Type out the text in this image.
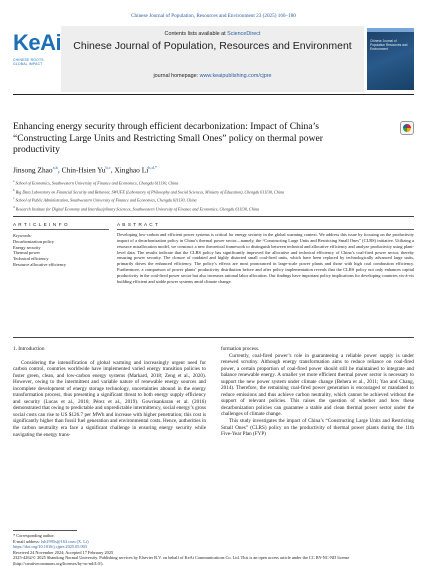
Chinese Journal of Population, Resources and Environment 23 (2025) 160–180
KeAi
CHINESE ROOTS GLOBAL IMPACT
Contents lists available at ScienceDirect
Chinese Journal of Population, Resources and Environment
journal homepage: www.keaipublishing.com/cjpre
Chinese Journal of Population Resources and Environment
Enhancing energy security through efficient decarbonization: Impact of China’s “Constructing Large Units and Restricting Small Ones” policy on thermal power productivity
Jinsong Zhao$^{a,b}$, Chin-Hsien Yu$^{b,c}$, Xinghao $Li^{b,d,*}$
$^a$ School of Economics, Southwestern University of Finance and Economics, Chengdu 611130, China
$^b$ Big Data Laboratory on Financial Security and Behavior, SWUFE (Laboratory of Philosophy and Social Sciences, Ministry of Education), Chengdu 611130, China
$^c$ School of Public Administration, Southwestern University of Finance and Economics, Chengdu 611130, China
$^d$ Research Institute for Digital Economy and Interdisciplinary Sciences, Southwestern University of Finance and Economics, Chengdu 611130, China
A R T I C L E I N F O	A B S T R A C T
Keywords:
Decarbonization policy
Energy security
Thermal power
Technical efficiency
Resource allocative efficiency
Developing low-carbon and efficient power systems is critical for energy security in the global warming context. We address this issue by focusing on the productivity impact of a decarbonization policy in China’s thermal power sector—namely, the “Constructing Large Units and Restricting Small Ones” (CLRS) initiative. Utilizing a resource misallocation model, we construct a new theoretical framework to distinguish between technical and allocative efficiency and analyze productivity using plant-level data. The results indicate that the CLRS policy has significantly improved the allocative and technical efficiency of China’s coal-fired power sector, thereby ensuring power security. The closure of outdated and highly distorted small coal-fired units, which have been replaced by technologically advanced large units, primarily drives the enhanced efficiency. The policy’s effects are most pronounced in large-scale power plants and those with high coal combustion efficiency. Furthermore, a comparison of power plants’ productivity distribution before and after policy implementation reveals that the CLRS policy not only enhances capital productivity in the coal-fired power sector but also increases rational labor allocation. Our findings have important policy implications for developing countries vis-à-vis building efficient and stable power systems amid climate change.
1. Introduction
Considering the intensification of global warming and increasingly urgent need for carbon control, countries worldwide have implemented varied energy transition policies to foster green, clean, and low-carbon energy systems (Markard, 2018; Zeng et al., 2020). However, owing to the intermittent and variable nature of renewable energy sources and incomplete development of energy storage technology, uncertainties abound in the energy transformation process, thus presenting a significant threat to both energy supply efficiency and security (Lucas et al., 2016; Pérez et al., 2019). Gowrisankaran et al. (2016) demonstrated that owing to predictable and unpredictable intermittency, social energy’s gross social costs can rise to US $126.7 per MWh and increase with higher penetration; this cost is significantly higher than fossil fuel generation and environmental costs. Hence, authorities in the carbon neutrality era face a significant challenge in ensuring energy security while navigating the energy trans-
formation process.
Currently, coal-fired power’s role in guaranteeing a reliable power supply is under renewed scrutiny. Although energy transformation aims to reduce reliance on coal-fired power, a certain proportion of coal-fired power should still be maintained to integrate and balance renewable energy. A smaller yet more efficient thermal power sector is necessary to support the new power system under climate change (Behera et al., 2011; Yao and Chang, 2014). Therefore, the remaining coal-fired power generation is encouraged or mandated to reduce emissions and thus achieve carbon neutrality, which cannot be achieved without the support of relevant policies. This raises the question of whether and how these decarbonization policies can guarantee a stable and clean thermal power sector under the challenges of climate change.
This study investigates the impact of China’s “Constructing Large Units and Restricting Small Ones” (CLRS) policy on the productivity of thermal power plants during the 11th Five-Year Plan (FYP)
* Corresponding author.
E-mail address: lxh1995s@163.com (X. Li)
https://doi.org/10.1016/j.cjpre.2025.05.003
Received 24 November 2024; Accepted 17 February 2025
2325-4262/© 2025 Shandong Normal University. Publishing services by Elsevier B.V. on behalf of KeAi Communications Co. Ltd. This is an open access article under the CC BY-NC-ND license (http://creativecommons.org/licenses/by-nc-nd/4.0/).
